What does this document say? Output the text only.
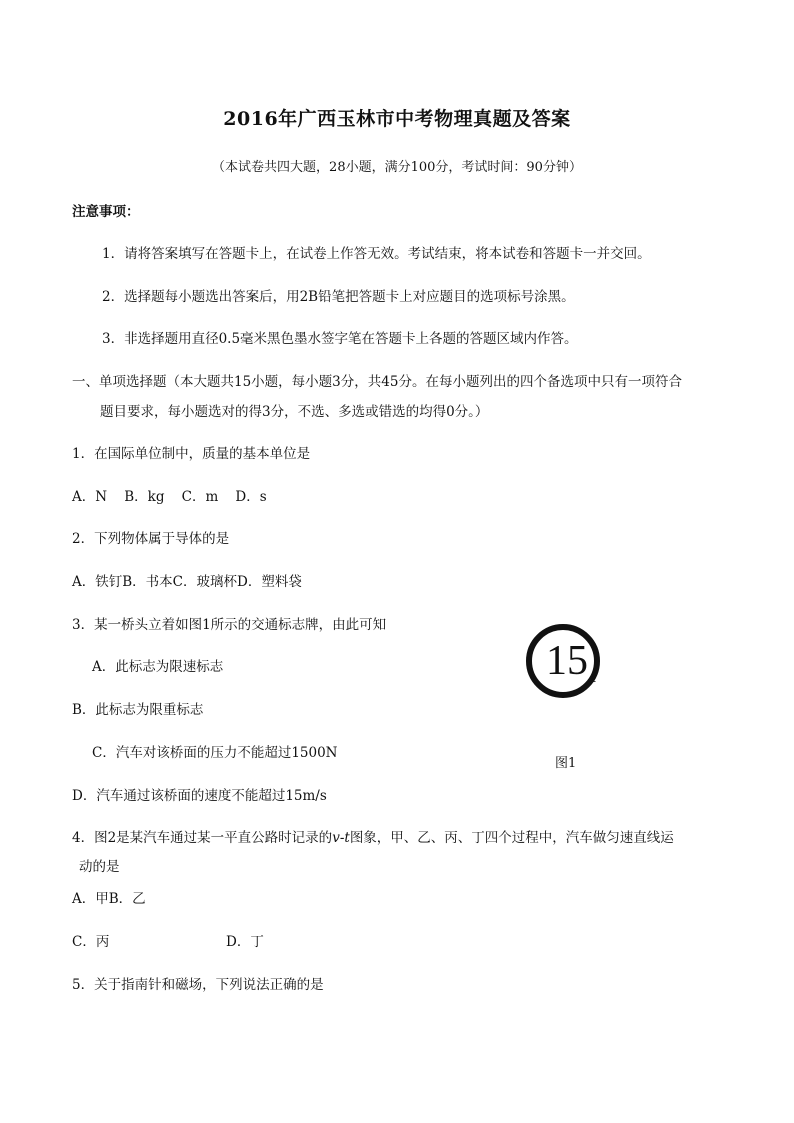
2016年广西玉林市中考物理真题及答案
（本试卷共四大题，28小题，满分100分，考试时间：90分钟）
注意事项：
1．请将答案填写在答题卡上，在试卷上作答无效。考试结束，将本试卷和答题卡一并交回。
2．选择题每小题选出答案后，用2B铅笔把答题卡上对应题目的选项标号涂黑。
3．非选择题用直径0.5毫米黑色墨水签字笔在答题卡上各题的答题区域内作答。
一、单项选择题（本大题共15小题，每小题3分，共45分。在每小题列出的四个备选项中只有一项符合
题目要求，每小题选对的得3分，不选、多选或错选的均得0分。）
1．在国际单位制中，质量的基本单位是
A．N    B．kg    C．m    D．s
2．下列物体属于导体的是
A．铁钉B．书本C．玻璃杯D．塑料袋
3．某一桥头立着如图1所示的交通标志牌，由此可知
A．此标志为限速标志
B．此标志为限重标志
C．汽车对该桥面的压力不能超过1500N
D．汽车通过该桥面的速度不能超过15m/s
15 t
图1
4．图2是某汽车通过某一平直公路时记录的v-t图象，甲、乙、丙、丁四个过程中，汽车做匀速直线运
动的是
A．甲B．乙
C．丙	D．丁
5．关于指南针和磁场，下列说法正确的是
